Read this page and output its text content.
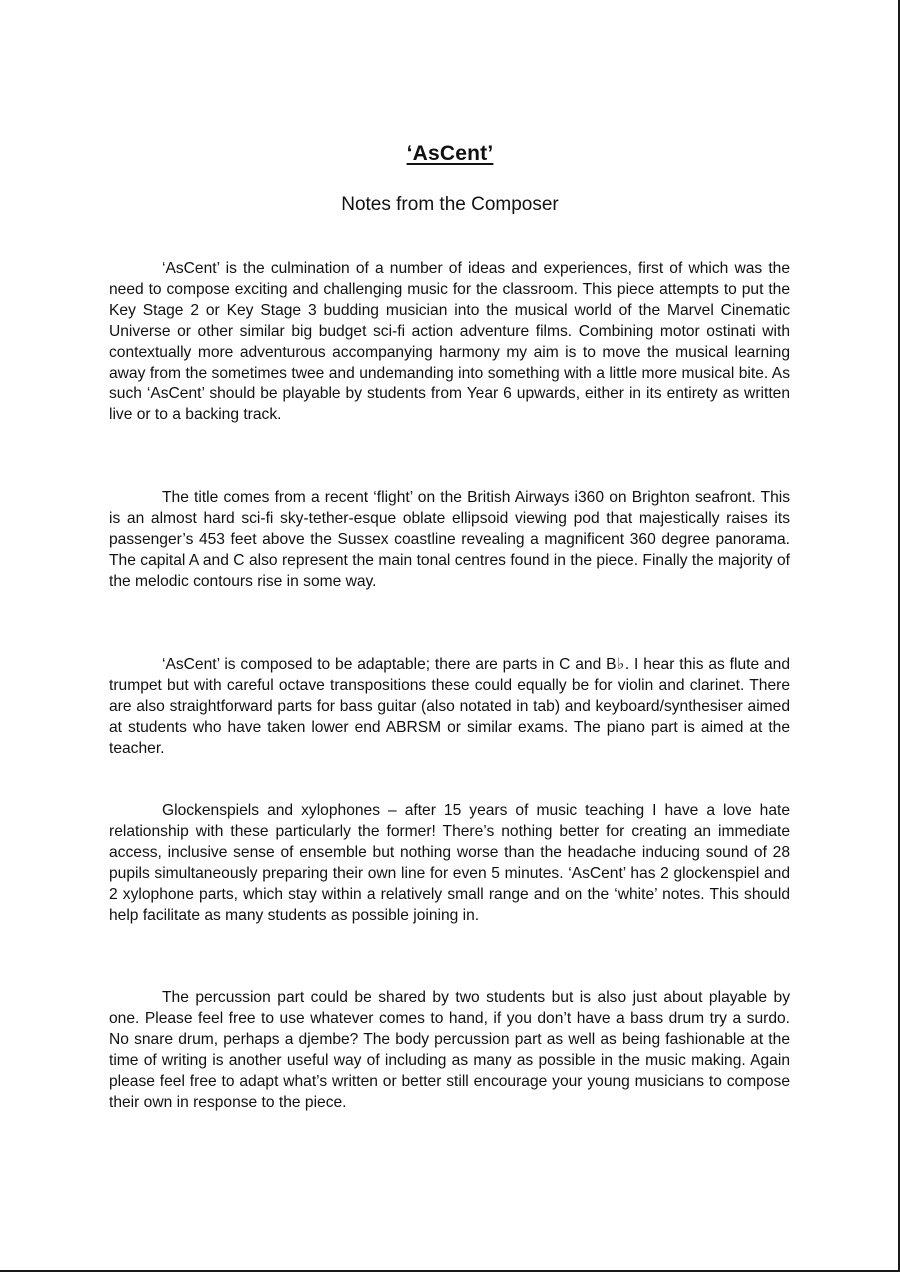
‘AsCent’
Notes from the Composer

‘AsCent’ is the culmination of a number of ideas and experiences, first of which was the need to compose exciting and challenging music for the classroom. This piece attempts to put the Key Stage 2 or Key Stage 3 budding musician into the musical world of the Marvel Cinematic Universe or other similar big budget sci-fi action adventure films. Combining motor ostinati with contextually more adventurous accompanying harmony my aim is to move the musical learning away from the sometimes twee and undemanding into something with a little more musical bite. As such ‘AsCent’ should be playable by students from Year 6 upwards, either in its entirety as written live or to a backing track.

The title comes from a recent ‘flight’ on the British Airways i360 on Brighton seafront. This is an almost hard sci-fi sky-tether-esque oblate ellipsoid viewing pod that majestically raises its passenger’s 453 feet above the Sussex coastline revealing a magnificent 360 degree panorama. The capital A and C also represent the main tonal centres found in the piece. Finally the majority of the melodic contours rise in some way.

‘AsCent’ is composed to be adaptable; there are parts in C and B♭. I hear this as flute and trumpet but with careful octave transpositions these could equally be for violin and clarinet. There are also straightforward parts for bass guitar (also notated in tab) and keyboard/synthesiser aimed at students who have taken lower end ABRSM or similar exams. The piano part is aimed at the teacher.

Glockenspiels and xylophones – after 15 years of music teaching I have a love hate relationship with these particularly the former! There’s nothing better for creating an immediate access, inclusive sense of ensemble but nothing worse than the headache inducing sound of 28 pupils simultaneously preparing their own line for even 5 minutes. ‘AsCent’ has 2 glockenspiel and 2 xylophone parts, which stay within a relatively small range and on the ‘white’ notes. This should help facilitate as many students as possible joining in.

The percussion part could be shared by two students but is also just about playable by one. Please feel free to use whatever comes to hand, if you don’t have a bass drum try a surdo. No snare drum, perhaps a djembe? The body percussion part as well as being fashionable at the time of writing is another useful way of including as many as possible in the music making. Again please feel free to adapt what’s written or better still encourage your young musicians to compose their own in response to the piece.
